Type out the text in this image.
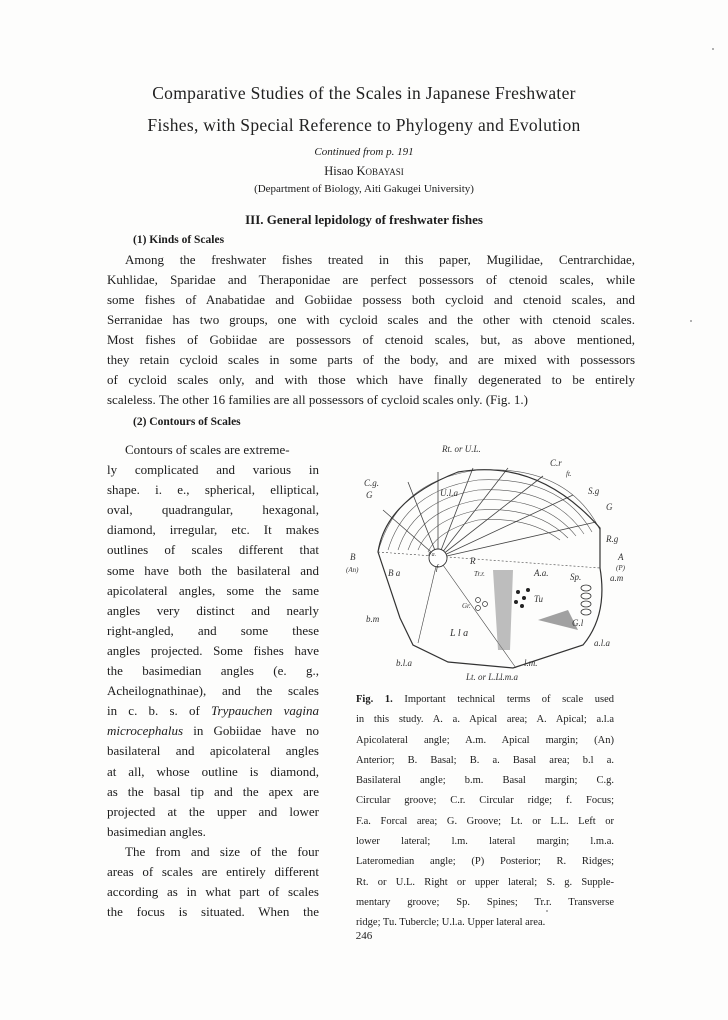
Comparative Studies of the Scales in Japanese Freshwater
Fishes, with Special Reference to Phylogeny and Evolution
Continued from p. 191
Hisao Kobayasi
(Department of Biology, Aiti Gakugei University)
III. General lepidology of freshwater fishes
(1) Kinds of Scales
Among the freshwater fishes treated in this paper, Mugilidae, Centrarchidae,
Kuhlidae, Sparidae and Theraponidae are perfect possessors of ctenoid scales, while
some fishes of Anabatidae and Gobiidae possess both cycloid and ctenoid scales, and
Serranidae has two groups, one with cycloid scales and the other with ctenoid scales.
Most fishes of Gobiidae are possessors of ctenoid scales, but, as above mentioned,
they retain cycloid scales in some parts of the body, and are mixed with possessors
of cycloid scales only, and with those which have finally degenerated to be entirely
scaleless. The other 16 families are all possessors of cycloid scales only. (Fig. 1.)
(2) Contours of Scales
Contours of scales are extreme-
ly complicated and various in
shape. i. e., spherical, elliptical,
oval, quadrangular, hexagonal,
diamond, irregular, etc. It makes
outlines of scales different that
some have both the basilateral and
apicolateral angles, some the same
angles very distinct and nearly
right-angled, and some these
angles projected. Some fishes have
the basimedian angles (e. g.,
Acheilognathinae), and the scales
in c. b. s. of Trypauchen vagina
microcephalus in Gobiidae have no
basilateral and apicolateral angles
at all, whose outline is diamond,
as the basal tip and the apex are
projected at the upper and lower
basimedian angles.
The from and size of the four
areas of scales are entirely different
according as in what part of scales
the focus is situated. When the
Rt. or U.L.
C.r
ft.
C.g.
G	U.l.a	S.g
G
R.g
A
(P)
a.m
B
(An)	B a
Fa.
f
R
Tr.r.	A.a. Sp.
Tu
Gr.
G.l
b.m
L l a
a.l.a
b.l.a	l.m.
Lt. or L.L.
l.m.a
Fig. 1. Important technical terms of scale used
in this study. A. a. Apical area; A. Apical; a.l.a
Apicolateral angle; A.m. Apical margin; (An)
Anterior; B. Basal; B. a. Basal area; b.l a.
Basilateral angle; b.m. Basal margin; C.g.
Circular groove; C.r. Circular ridge; f. Focus;
F.a. Forcal area; G. Groove; Lt. or L.L. Left or
lower lateral; l.m. lateral margin; l.m.a.
Lateromedian angle; (P) Posterior; R. Ridges;
Rt. or U.L. Right or upper lateral; S. g. Supple-
mentary groove; Sp. Spines; Tr.r. Transverse
ridge; Tu. Tubercle; U.l.a. Upper lateral area.
246
